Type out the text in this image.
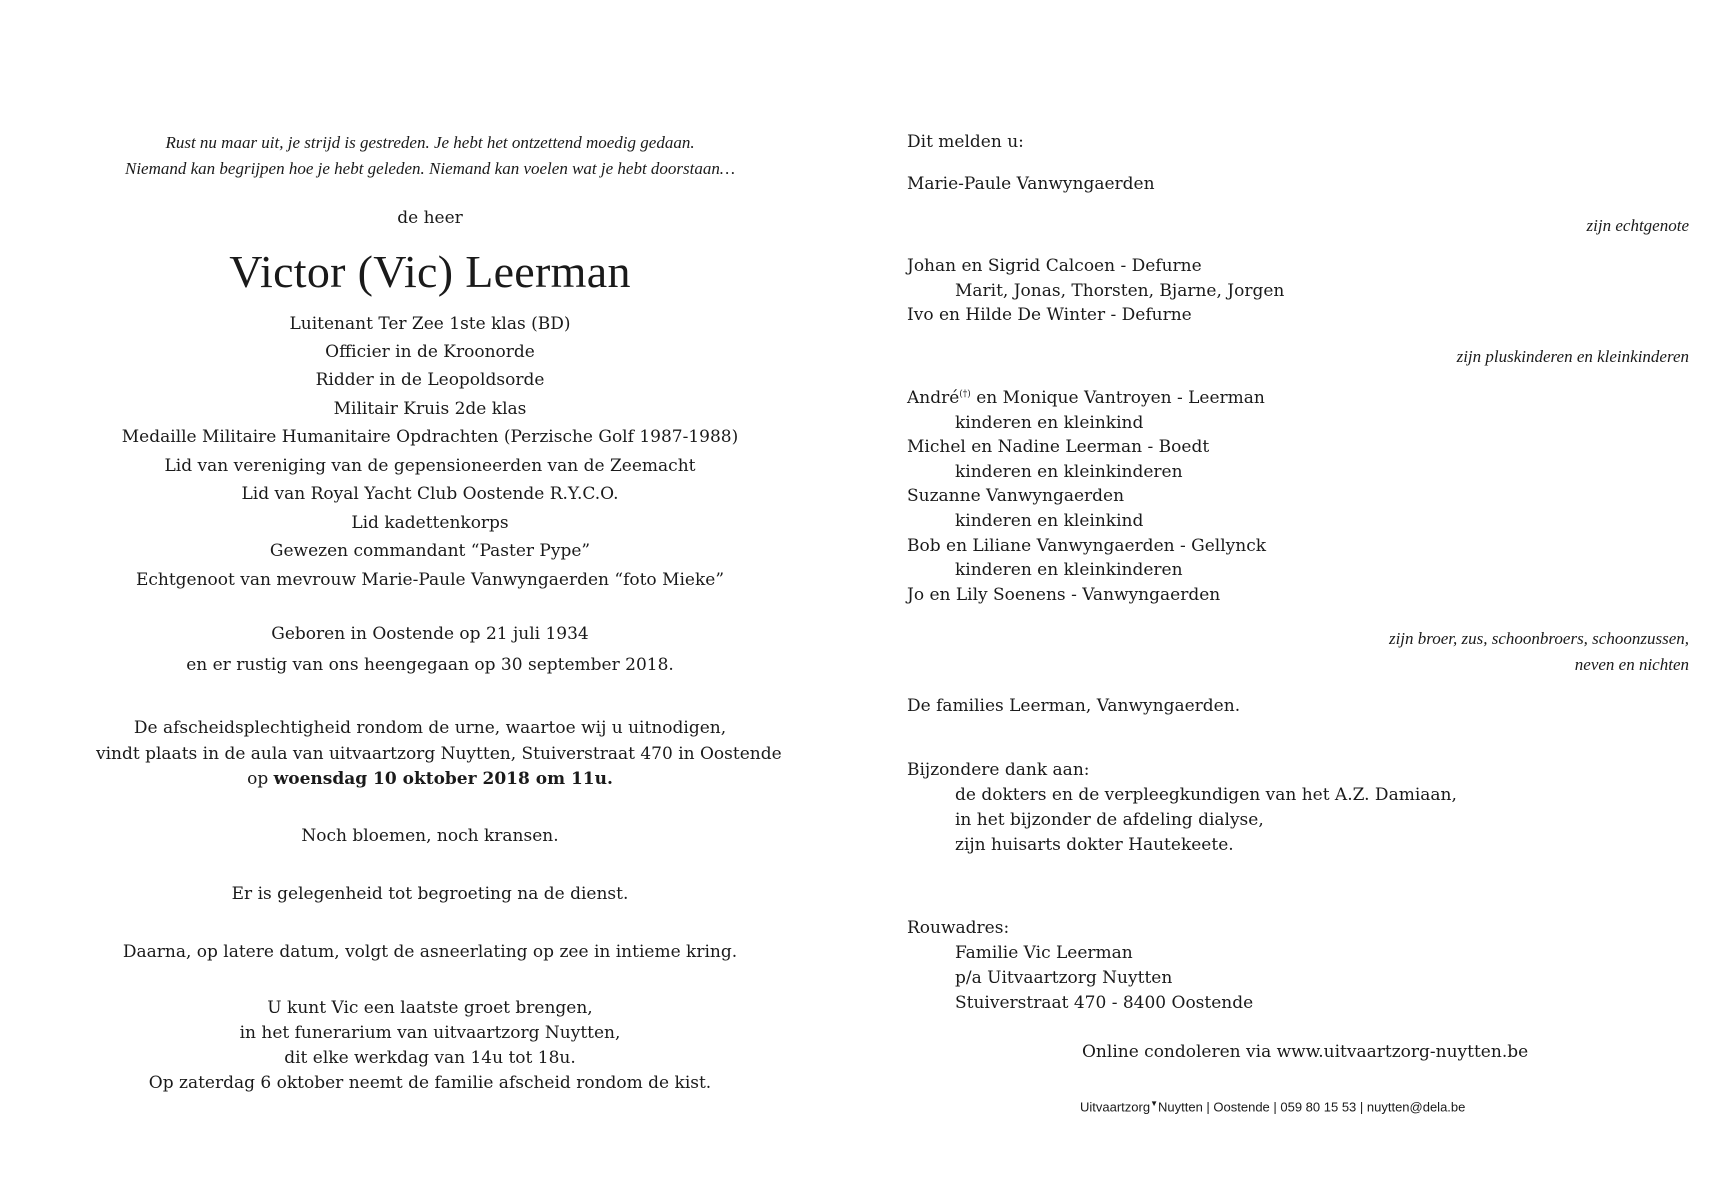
Rust nu maar uit, je strijd is gestreden. Je hebt het ontzettend moedig gedaan.
Niemand kan begrijpen hoe je hebt geleden. Niemand kan voelen wat je hebt doorstaan…
de heer
Victor (Vic) Leerman
Luitenant Ter Zee 1ste klas (BD)
Officier in de Kroonorde
Ridder in de Leopoldsorde
Militair Kruis 2de klas
Medaille Militaire Humanitaire Opdrachten (Perzische Golf 1987-1988)
Lid van vereniging van de gepensioneerden van de Zeemacht
Lid van Royal Yacht Club Oostende R.Y.C.O.
Lid kadettenkorps
Gewezen commandant “Paster Pype”
Echtgenoot van mevrouw Marie-Paule Vanwyngaerden “foto Mieke”
Geboren in Oostende op 21 juli 1934
en er rustig van ons heengegaan op 30 september 2018.
De afscheidsplechtigheid rondom de urne, waartoe wij u uitnodigen,
vindt plaats in de aula van uitvaartzorg Nuytten, Stuiverstraat 470 in Oostende
op woensdag 10 oktober 2018 om 11u.
Noch bloemen, noch kransen.
Er is gelegenheid tot begroeting na de dienst.
Daarna, op latere datum, volgt de asneerlating op zee in intieme kring.
U kunt Vic een laatste groet brengen,
in het funerarium van uitvaartzorg Nuytten,
dit elke werkdag van 14u tot 18u.
Op zaterdag 6 oktober neemt de familie afscheid rondom de kist.
Dit melden u:
Marie-Paule Vanwyngaerden
zijn echtgenote
Johan en Sigrid Calcoen - Defurne
Marit, Jonas, Thorsten, Bjarne, Jorgen
Ivo en Hilde De Winter - Defurne
zijn pluskinderen en kleinkinderen
André(†) en Monique Vantroyen - Leerman
kinderen en kleinkind
Michel en Nadine Leerman - Boedt
kinderen en kleinkinderen
Suzanne Vanwyngaerden
kinderen en kleinkind
Bob en Liliane Vanwyngaerden - Gellynck
kinderen en kleinkinderen
Jo en Lily Soenens - Vanwyngaerden
zijn broer, zus, schoonbroers, schoonzussen,
neven en nichten
De families Leerman, Vanwyngaerden.
Bijzondere dank aan:
de dokters en de verpleegkundigen van het A.Z. Damiaan,
in het bijzonder de afdeling dialyse,
zijn huisarts dokter Hautekeete.
Rouwadres:
Familie Vic Leerman
p/a Uitvaartzorg Nuytten
Stuiverstraat 470 - 8400 Oostende
Online condoleren via www.uitvaartzorg-nuytten.be
Uitvaartzorg▼Nuytten | Oostende | 059 80 15 53 | nuytten@dela.be
